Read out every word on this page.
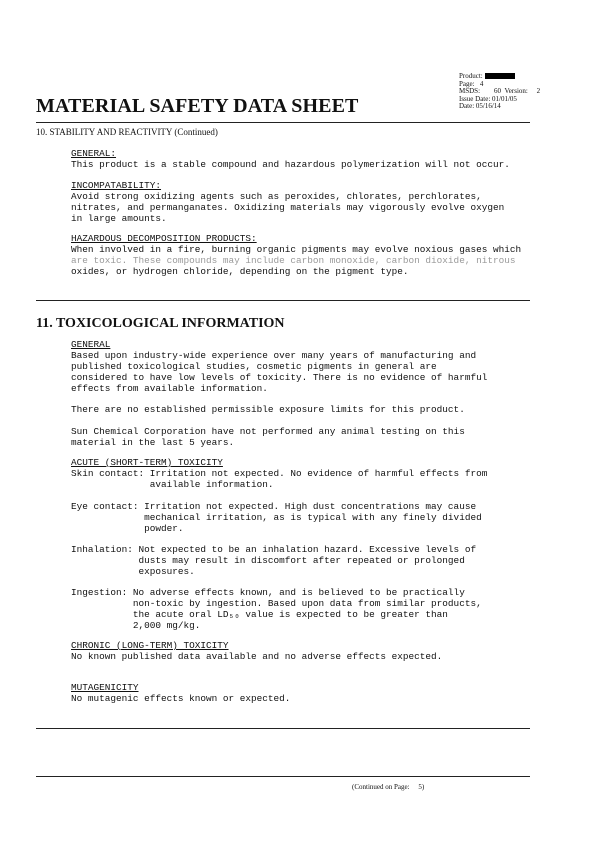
Product:
Page: 4
MSDS: 60 Version: 2
Issue Date: 01/01/05
Date: 05/16/14
MATERIAL SAFETY DATA SHEET
10. STABILITY AND REACTIVITY (Continued)
GENERAL:
This product is a stable compound and hazardous polymerization will not occur.
INCOMPATABILITY:
Avoid strong oxidizing agents such as peroxides, chlorates, perchlorates,
nitrates, and permanganates. Oxidizing materials may vigorously evolve oxygen
in large amounts.
HAZARDOUS DECOMPOSITION PRODUCTS:
When involved in a fire, burning organic pigments may evolve noxious gases which
are toxic. These compounds may include carbon monoxide, carbon dioxide, nitrous
oxides, or hydrogen chloride, depending on the pigment type.
11. TOXICOLOGICAL INFORMATION
GENERAL
Based upon industry-wide experience over many years of manufacturing and
published toxicological studies, cosmetic pigments in general are
considered to have low levels of toxicity. There is no evidence of harmful
effects from available information.
There are no established permissible exposure limits for this product.
Sun Chemical Corporation have not performed any animal testing on this
material in the last 5 years.
ACUTE (SHORT-TERM) TOXICITY
Skin contact: Irritation not expected. No evidence of harmful effects from
available information.
Eye contact: Irritation not expected. High dust concentrations may cause
mechanical irritation, as is typical with any finely divided
powder.
Inhalation: Not expected to be an inhalation hazard. Excessive levels of
dusts may result in discomfort after repeated or prolonged
exposures.
Ingestion: No adverse effects known, and is believed to be practically
non-toxic by ingestion. Based upon data from similar products,
the acute oral LD₅₀ value is expected to be greater than
2,000 mg/kg.
CHRONIC (LONG-TERM) TOXICITY
No known published data available and no adverse effects expected.
MUTAGENICITY
No mutagenic effects known or expected.
(Continued on Page: 5)
